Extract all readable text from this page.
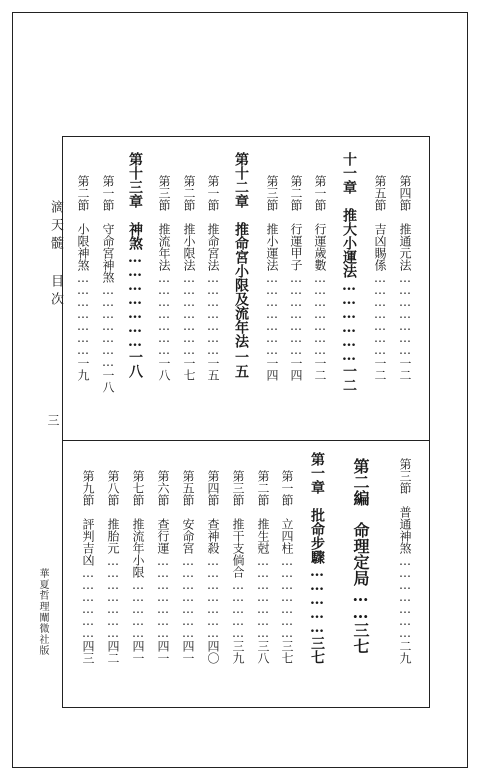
滴天髓 目次
三
華夏哲理闡微社版
第四節　推通元法…………………一二
第五節　吉凶賜係…………………一二
十一章　推大小運法………………一二
第一節　行運歲數…………………一二
第二節　行運甲子…………………一四
第三節　推小運法…………………一四
第十二章　推命宮小限及流年法一五
第一節　推命宮法…………………一五
第二節　推小限法…………………一七
第三節　推流年法…………………一八
第十三章　神煞…………………一八
第一節　守命宮神煞…………………一八
第二節　小限神煞…………………一九
第三節　普通神煞…………………二九
第二編　命理定局……三七
第一章　批命步驟……………三七
第一節　立四柱…………………三七
第二節　推生尅…………………三八
第三節　推干支倘合……………三九
第四節　查神殺…………………四〇
第五節　安命宮…………………四一
第六節　查行運…………………四一
第七節　推流年小限……………四一
第八節　推胎元…………………四二
第九節　評判吉凶………………四三
